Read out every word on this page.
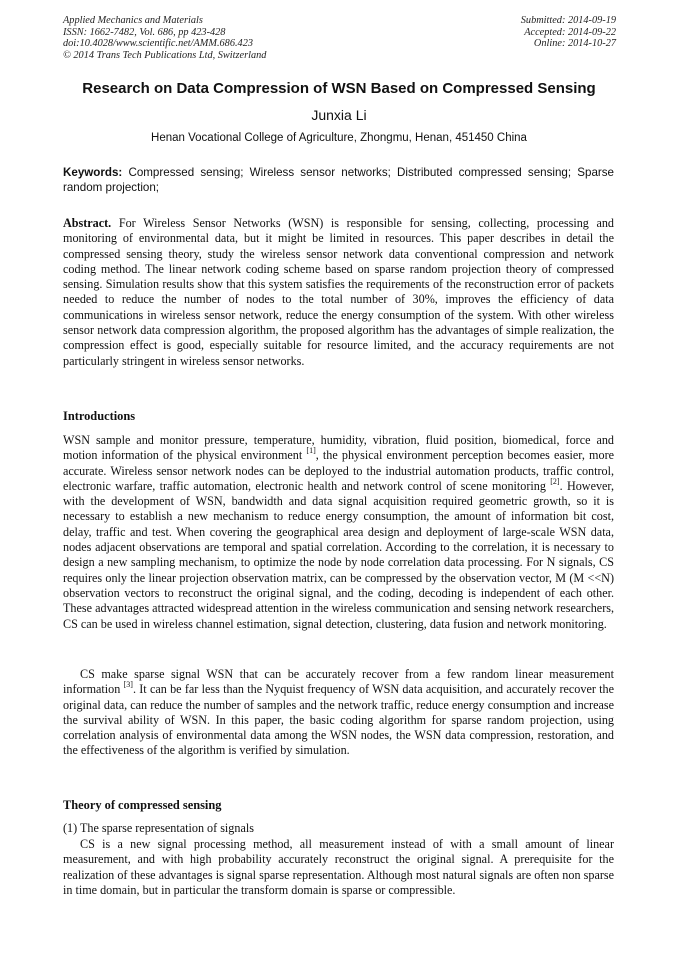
Applied Mechanics and Materials
ISSN: 1662-7482, Vol. 686, pp 423-428
doi:10.4028/www.scientific.net/AMM.686.423
© 2014 Trans Tech Publications Ltd, Switzerland
Submitted: 2014-09-19
Accepted: 2014-09-22
Online: 2014-10-27
Research on Data Compression of WSN Based on Compressed Sensing
Junxia Li
Henan Vocational College of Agriculture, Zhongmu, Henan, 451450 China
Keywords: Compressed sensing; Wireless sensor networks; Distributed compressed sensing; Sparse random projection;
Abstract. For Wireless Sensor Networks (WSN) is responsible for sensing, collecting, processing and monitoring of environmental data, but it might be limited in resources. This paper describes in detail the compressed sensing theory, study the wireless sensor network data conventional compression and network coding method. The linear network coding scheme based on sparse random projection theory of compressed sensing. Simulation results show that this system satisfies the requirements of the reconstruction error of packets needed to reduce the number of nodes to the total number of 30%, improves the efficiency of data communications in wireless sensor network, reduce the energy consumption of the system. With other wireless sensor network data compression algorithm, the proposed algorithm has the advantages of simple realization, the compression effect is good, especially suitable for resource limited, and the accuracy requirements are not particularly stringent in wireless sensor networks.
Introductions
WSN sample and monitor pressure, temperature, humidity, vibration, fluid position, biomedical, force and motion information of the physical environment [1], the physical environment perception becomes easier, more accurate. Wireless sensor network nodes can be deployed to the industrial automation products, traffic control, electronic warfare, traffic automation, electronic health and network control of scene monitoring [2]. However, with the development of WSN, bandwidth and data signal acquisition required geometric growth, so it is necessary to establish a new mechanism to reduce energy consumption, the amount of information bit cost, delay, traffic and test. When covering the geographical area design and deployment of large-scale WSN data, nodes adjacent observations are temporal and spatial correlation. According to the correlation, it is necessary to design a new sampling mechanism, to optimize the node by node correlation data processing. For N signals, CS requires only the linear projection observation matrix, can be compressed by the observation vector, M (M <<N) observation vectors to reconstruct the original signal, and the coding, decoding is independent of each other. These advantages attracted widespread attention in the wireless communication and sensing network researchers, CS can be used in wireless channel estimation, signal detection, clustering, data fusion and network monitoring.
CS make sparse signal WSN that can be accurately recover from a few random linear measurement information [3]. It can be far less than the Nyquist frequency of WSN data acquisition, and accurately recover the original data, can reduce the number of samples and the network traffic, reduce energy consumption and increase the survival ability of WSN. In this paper, the basic coding algorithm for sparse random projection, using correlation analysis of environmental data among the WSN nodes, the WSN data compression, restoration, and the effectiveness of the algorithm is verified by simulation.
Theory of compressed sensing
(1) The sparse representation of signals
CS is a new signal processing method, all measurement instead of with a small amount of linear measurement, and with high probability accurately reconstruct the original signal. A prerequisite for the realization of these advantages is signal sparse representation. Although most natural signals are often non sparse in time domain, but in particular the transform domain is sparse or compressible.
